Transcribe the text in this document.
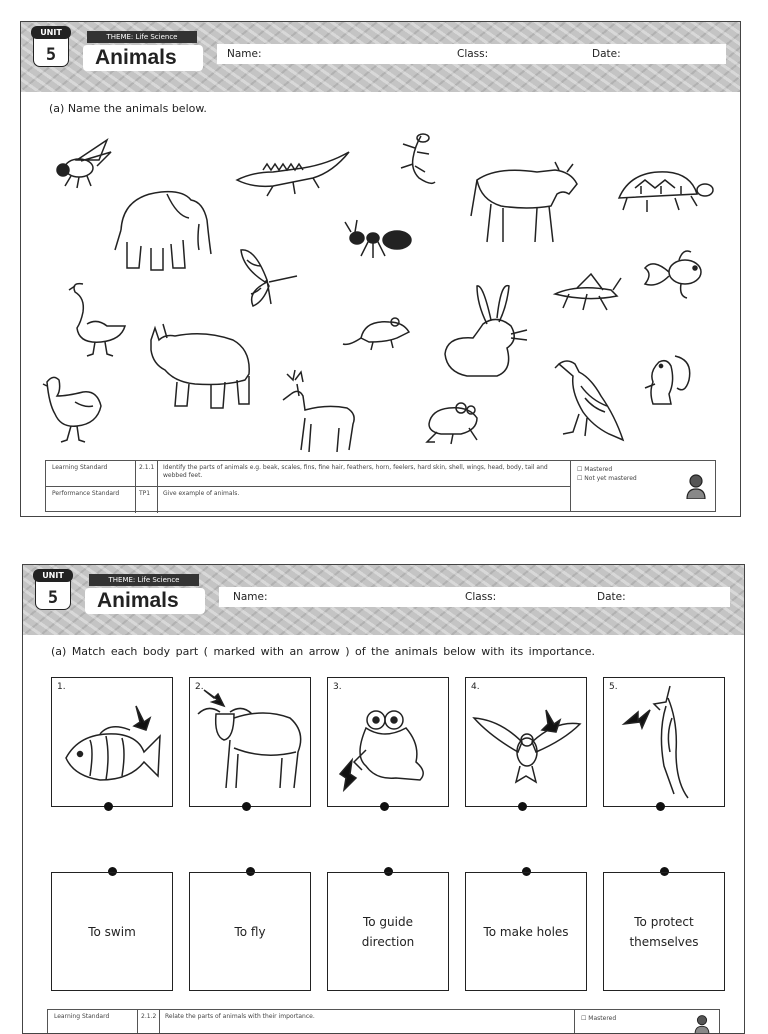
UNIT
5
THEME: Life Science
Animals	Name:	Class:	Date:
(a) Name the animals below.
Learning Standard	2.1.1	Identify the parts of animals e.g. beak, scales, fins, fine hair, feathers, horn, feelers, hard skin, shell, wings, head, body, tail and webbed feet.
Performance Standard	TP1	Give example of animals.
☐ Mastered
☐ Not yet mastered
UNIT
5
THEME: Life Science
Animals	Name:	Class:	Date:
(a) Match each body part ( marked with an arrow ) of the animals below with its importance.
1.	2.	3.	4.	5.
To swim	To fly
To guide direction
To make holes
To protect themselves
Learning Standard	2.1.2	Relate the parts of animals with their importance.	☐ Mastered
